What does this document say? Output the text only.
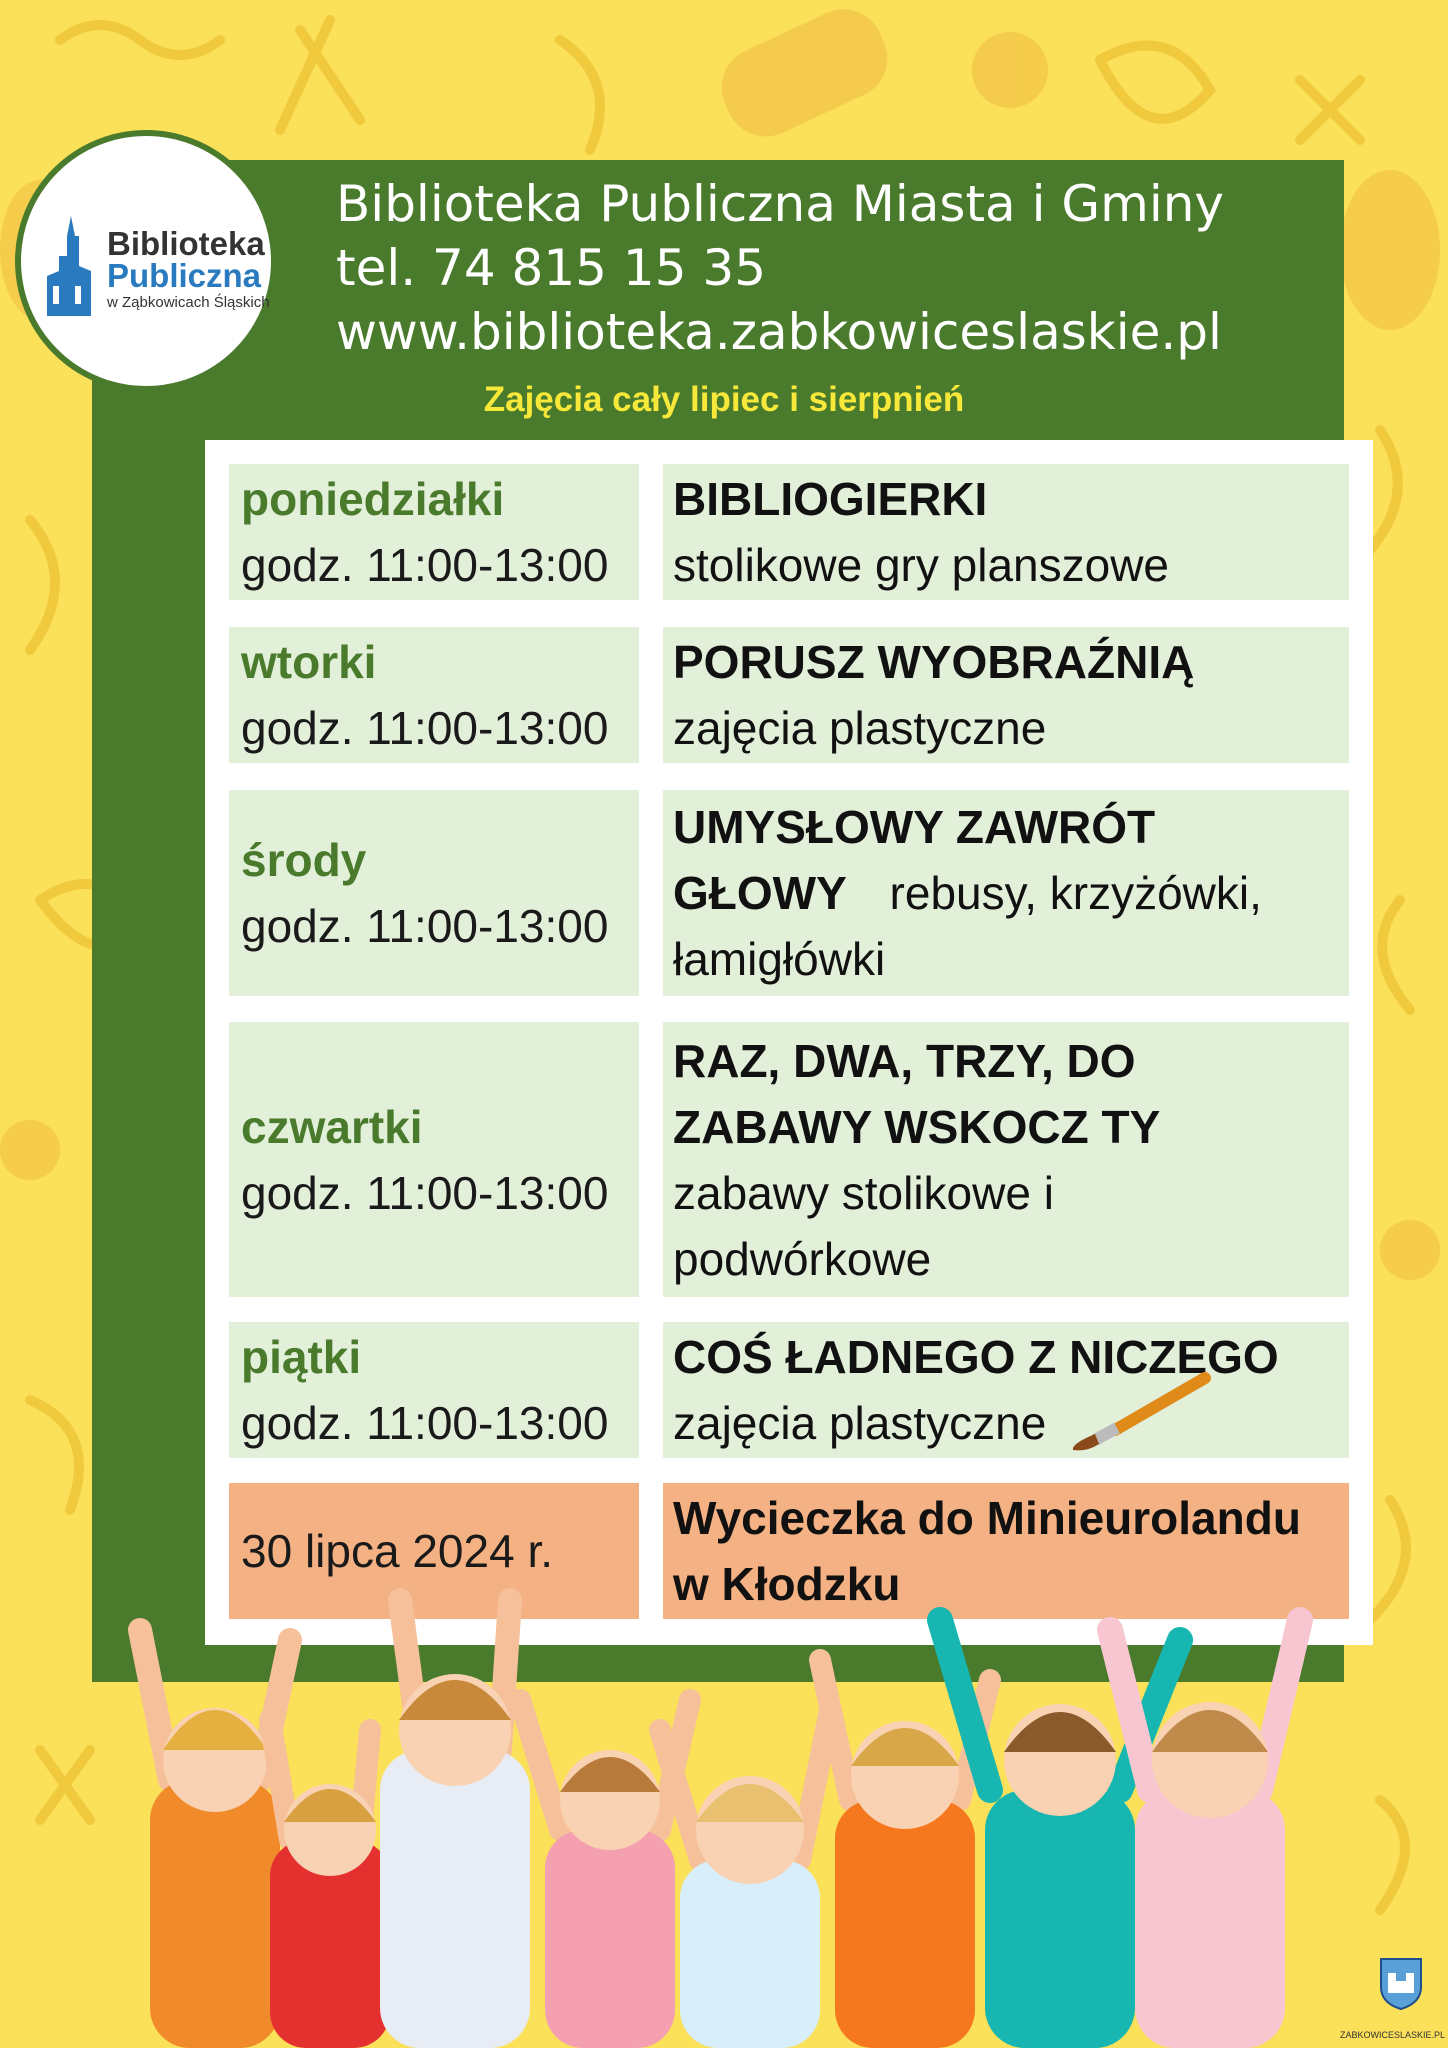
Biblioteka
Publiczna
w Ząbkowicach Śląskich
Biblioteka Publiczna Miasta i Gminy
tel. 74 815 15 35
www.biblioteka.zabkowiceslaskie.pl
Zajęcia cały lipiec i sierpnień
poniedziałki
godz. 11:00-13:00
BIBLIOGIERKI
stolikowe gry planszowe
wtorki
godz. 11:00-13:00
PORUSZ WYOBRAŹNIĄ
zajęcia plastyczne
środy
godz. 11:00-13:00
UMYSŁOWY ZAWRÓT
GŁOWY rebusy, krzyżówki,
łamigłówki
czwartki
godz. 11:00-13:00
RAZ, DWA, TRZY, DO
ZABAWY WSKOCZ TY
zabawy stolikowe i
podwórkowe
piątki
godz. 11:00-13:00
COŚ ŁADNEGO Z NICZEGO
zajęcia plastyczne
30 lipca 2024 r.
Wycieczka do Minieurolandu
w Kłodzku
ZABKOWICESLASKIE.PL
